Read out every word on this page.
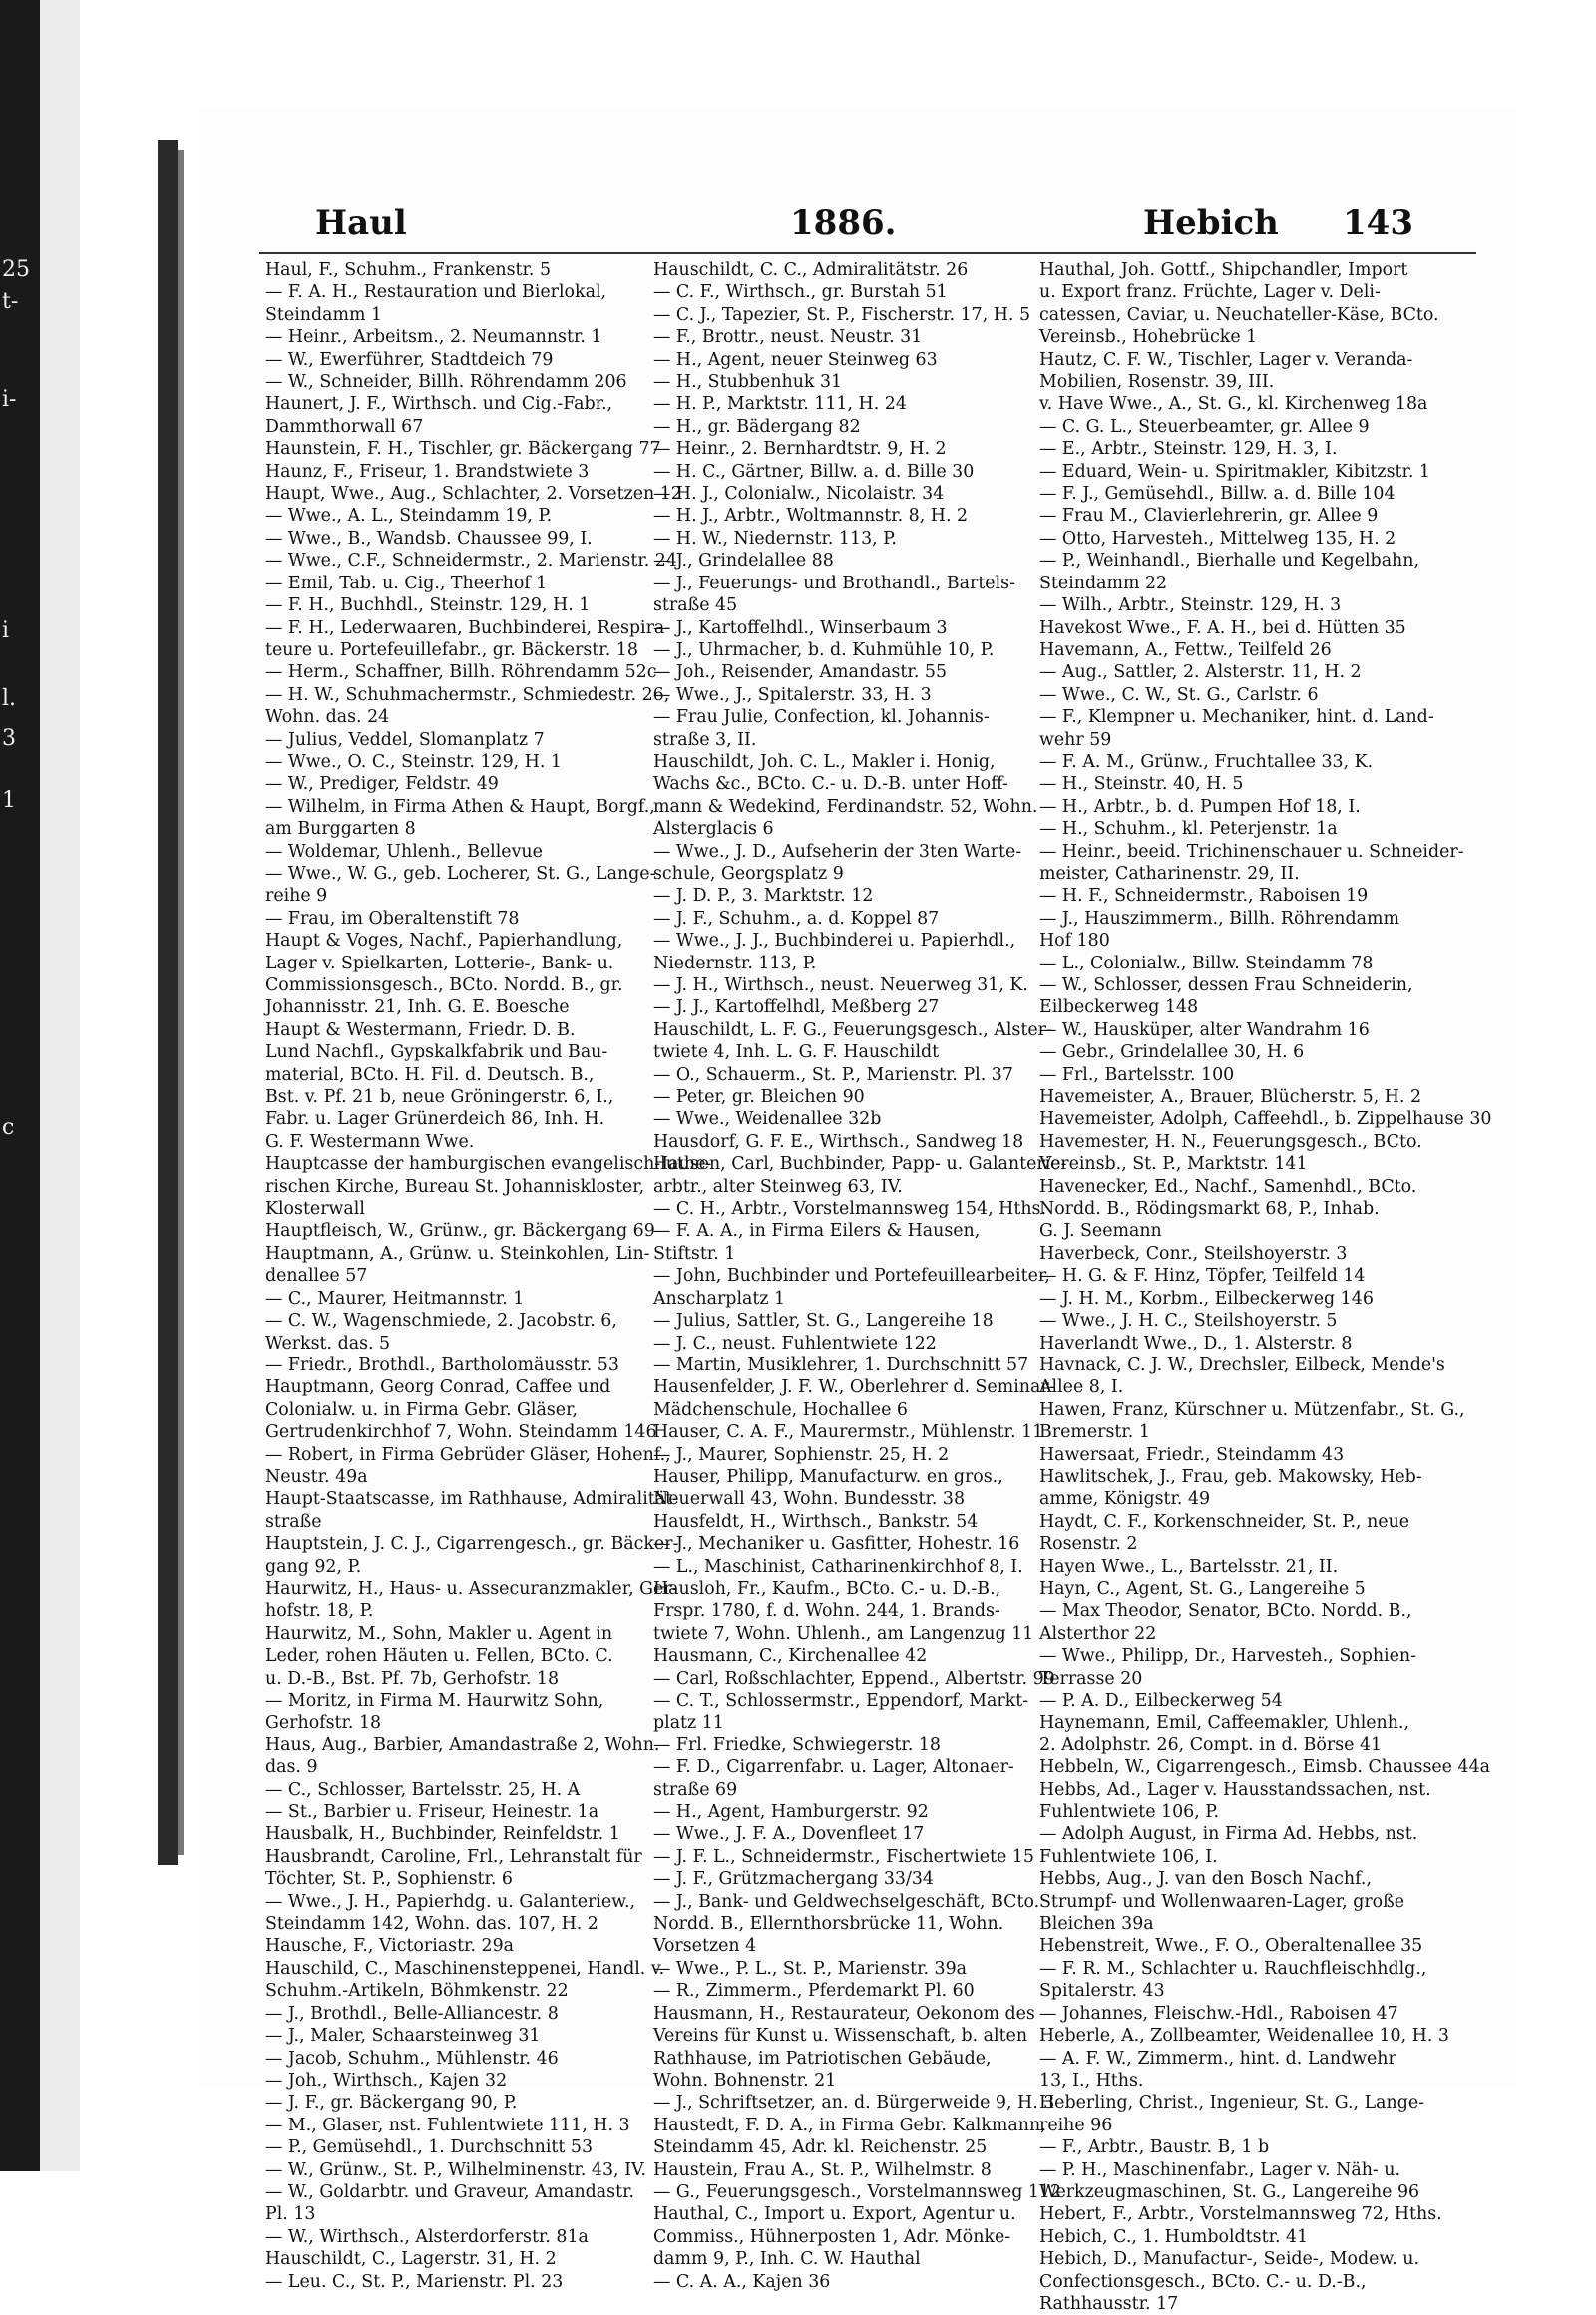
25
t-
i-
i
l.
3
1
c
Haul	1886.	Hebich 143

Haul, F., Schuhm., Frankenstr. 5

— F. A. H., Restauration und Bierlokal,

Steindamm 1

— Heinr., Arbeitsm., 2. Neumannstr. 1

— W., Ewerführer, Stadtdeich 79

— W., Schneider, Billh. Röhrendamm 206

Haunert, J. F., Wirthsch. und Cig.-Fabr.,

Dammthorwall 67

Haunstein, F. H., Tischler, gr. Bäckergang 77

Haunz, F., Friseur, 1. Brandstwiete 3

Haupt, Wwe., Aug., Schlachter, 2. Vorsetzen 12

— Wwe., A. L., Steindamm 19, P.

— Wwe., B., Wandsb. Chaussee 99, I.

— Wwe., C.F., Schneidermstr., 2. Marienstr. 24

— Emil, Tab. u. Cig., Theerhof 1

— F. H., Buchhdl., Steinstr. 129, H. 1

— F. H., Lederwaaren, Buchbinderei, Respira-

teure u. Portefeuillefabr., gr. Bäckerstr. 18

— Herm., Schaffner, Billh. Röhrendamm 52c

— H. W., Schuhmachermstr., Schmiedestr. 26,

Wohn. das. 24

— Julius, Veddel, Slomanplatz 7

— Wwe., O. C., Steinstr. 129, H. 1

— W., Prediger, Feldstr. 49

— Wilhelm, in Firma Athen & Haupt, Borgf.,

am Burggarten 8

— Woldemar, Uhlenh., Bellevue

— Wwe., W. G., geb. Locherer, St. G., Lange-

reihe 9

— Frau, im Oberaltenstift 78

Haupt & Voges, Nachf., Papierhandlung,

Lager v. Spielkarten, Lotterie-, Bank- u.

Commissionsgesch., BCto. Nordd. B., gr.

Johannisstr. 21, Inh. G. E. Boesche

Haupt & Westermann, Friedr. D. B.

Lund Nachfl., Gypskalkfabrik und Bau-

material, BCto. H. Fil. d. Deutsch. B.,

Bst. v. Pf. 21 b, neue Gröningerstr. 6, I.,

Fabr. u. Lager Grünerdeich 86, Inh. H.

G. F. Westermann Wwe.

Hauptcasse der hamburgischen evangelisch-luthe-

rischen Kirche, Bureau St. Johanniskloster,

Klosterwall

Hauptfleisch, W., Grünw., gr. Bäckergang 69

Hauptmann, A., Grünw. u. Steinkohlen, Lin-

denallee 57

— C., Maurer, Heitmannstr. 1

— C. W., Wagenschmiede, 2. Jacobstr. 6,

Werkst. das. 5

— Friedr., Brothdl., Bartholomäusstr. 53

Hauptmann, Georg Conrad, Caffee und

Colonialw. u. in Firma Gebr. Gläser,

Gertrudenkirchhof 7, Wohn. Steindamm 146

— Robert, in Firma Gebrüder Gläser, Hohenf.,

Neustr. 49a

Haupt-Staatscasse, im Rathhause, Admiralität-

straße

Hauptstein, J. C. J., Cigarrengesch., gr. Bäcker-

gang 92, P.

Haurwitz, H., Haus- u. Assecuranzmakler, Ger-

hofstr. 18, P.

Haurwitz, M., Sohn, Makler u. Agent in

Leder, rohen Häuten u. Fellen, BCto. C.

u. D.-B., Bst. Pf. 7b, Gerhofstr. 18

— Moritz, in Firma M. Haurwitz Sohn,

Gerhofstr. 18

Haus, Aug., Barbier, Amandastraße 2, Wohn.

das. 9

— C., Schlosser, Bartelsstr. 25, H. A

— St., Barbier u. Friseur, Heinestr. 1a

Hausbalk, H., Buchbinder, Reinfeldstr. 1

Hausbrandt, Caroline, Frl., Lehranstalt für

Töchter, St. P., Sophienstr. 6

— Wwe., J. H., Papierhdg. u. Galanteriew.,

Steindamm 142, Wohn. das. 107, H. 2

Hausche, F., Victoriastr. 29a

Hauschild, C., Maschinensteppenei, Handl. v.

Schuhm.-Artikeln, Böhmkenstr. 22

— J., Brothdl., Belle-Alliancestr. 8

— J., Maler, Schaarsteinweg 31

— Jacob, Schuhm., Mühlenstr. 46

— Joh., Wirthsch., Kajen 32

— J. F., gr. Bäckergang 90, P.

— M., Glaser, nst. Fuhlentwiete 111, H. 3

— P., Gemüsehdl., 1. Durchschnitt 53

— W., Grünw., St. P., Wilhelminenstr. 43, IV.

— W., Goldarbtr. und Graveur, Amandastr.

Pl. 13

— W., Wirthsch., Alsterdorferstr. 81a

Hauschildt, C., Lagerstr. 31, H. 2

— Leu. C., St. P., Marienstr. Pl. 23

Hauschildt, C. C., Admiralitätstr. 26

— C. F., Wirthsch., gr. Burstah 51

— C. J., Tapezier, St. P., Fischerstr. 17, H. 5

— F., Brottr., neust. Neustr. 31

— H., Agent, neuer Steinweg 63

— H., Stubbenhuk 31

— H. P., Marktstr. 111, H. 24

— H., gr. Bädergang 82

— Heinr., 2. Bernhardtstr. 9, H. 2

— H. C., Gärtner, Billw. a. d. Bille 30

— H. J., Colonialw., Nicolaistr. 34

— H. J., Arbtr., Woltmannstr. 8, H. 2

— H. W., Niedernstr. 113, P.

— J., Grindelallee 88

— J., Feuerungs- und Brothandl., Bartels-

straße 45

— J., Kartoffelhdl., Winserbaum 3

— J., Uhrmacher, b. d. Kuhmühle 10, P.

— Joh., Reisender, Amandastr. 55

— Wwe., J., Spitalerstr. 33, H. 3

— Frau Julie, Confection, kl. Johannis-

straße 3, II.

Hauschildt, Joh. C. L., Makler i. Honig,

Wachs &c., BCto. C.- u. D.-B. unter Hoff-

mann & Wedekind, Ferdinandstr. 52, Wohn.

Alsterglacis 6

— Wwe., J. D., Aufseherin der 3ten Warte-

schule, Georgsplatz 9

— J. D. P., 3. Marktstr. 12

— J. F., Schuhm., a. d. Koppel 87

— Wwe., J. J., Buchbinderei u. Papierhdl.,

Niedernstr. 113, P.

— J. H., Wirthsch., neust. Neuerweg 31, K.

— J. J., Kartoffelhdl, Meßberg 27

Hauschildt, L. F. G., Feuerungsgesch., Alster-

twiete 4, Inh. L. G. F. Hauschildt

— O., Schauerm., St. P., Marienstr. Pl. 37

— Peter, gr. Bleichen 90

— Wwe., Weidenallee 32b

Hausdorf, G. F. E., Wirthsch., Sandweg 18

Hausen, Carl, Buchbinder, Papp- u. Galanterie-

arbtr., alter Steinweg 63, IV.

— C. H., Arbtr., Vorstelmannsweg 154, Hths.

— F. A. A., in Firma Eilers & Hausen,

Stiftstr. 1

— John, Buchbinder und Portefeuillearbeiter,

Anscharplatz 1

— Julius, Sattler, St. G., Langereihe 18

— J. C., neust. Fuhlentwiete 122

— Martin, Musiklehrer, 1. Durchschnitt 57

Hausenfelder, J. F. W., Oberlehrer d. Seminar-

Mädchenschule, Hochallee 6

Hauser, C. A. F., Maurermstr., Mühlenstr. 11

— J., Maurer, Sophienstr. 25, H. 2

Hauser, Philipp, Manufacturw. en gros.,

Neuerwall 43, Wohn. Bundesstr. 38

Hausfeldt, H., Wirthsch., Bankstr. 54

— J., Mechaniker u. Gasfitter, Hohestr. 16

— L., Maschinist, Catharinenkirchhof 8, I.

Hausloh, Fr., Kaufm., BCto. C.- u. D.-B.,

Frspr. 1780, f. d. Wohn. 244, 1. Brands-

twiete 7, Wohn. Uhlenh., am Langenzug 11

Hausmann, C., Kirchenallee 42

— Carl, Roßschlachter, Eppend., Albertstr. 99

— C. T., Schlossermstr., Eppendorf, Markt-

platz 11

— Frl. Friedke, Schwiegerstr. 18

— F. D., Cigarrenfabr. u. Lager, Altonaer-

straße 69

— H., Agent, Hamburgerstr. 92

— Wwe., J. F. A., Dovenfleet 17

— J. F. L., Schneidermstr., Fischertwiete 15

— J. F., Grützmachergang 33/34

— J., Bank- und Geldwechselgeschäft, BCto.

Nordd. B., Ellernthorsbrücke 11, Wohn.

Vorsetzen 4

— Wwe., P. L., St. P., Marienstr. 39a

— R., Zimmerm., Pferdemarkt Pl. 60

Hausmann, H., Restaurateur, Oekonom des

Vereins für Kunst u. Wissenschaft, b. alten

Rathhause, im Patriotischen Gebäude,

Wohn. Bohnenstr. 21

— J., Schriftsetzer, an. d. Bürgerweide 9, H. 3

Haustedt, F. D. A., in Firma Gebr. Kalkmann,

Steindamm 45, Adr. kl. Reichenstr. 25

Haustein, Frau A., St. P., Wilhelmstr. 8

— G., Feuerungsgesch., Vorstelmannsweg 112

Hauthal, C., Import u. Export, Agentur u.

Commiss., Hühnerposten 1, Adr. Mönke-

damm 9, P., Inh. C. W. Hauthal

— C. A. A., Kajen 36

Hauthal, Joh. Gottf., Shipchandler, Import

u. Export franz. Früchte, Lager v. Deli-

catessen, Caviar, u. Neuchateller-Käse, BCto.

Vereinsb., Hohebrücke 1

Hautz, C. F. W., Tischler, Lager v. Veranda-

Mobilien, Rosenstr. 39, III.

v. Have Wwe., A., St. G., kl. Kirchenweg 18a

— C. G. L., Steuerbeamter, gr. Allee 9

— E., Arbtr., Steinstr. 129, H. 3, I.

— Eduard, Wein- u. Spiritmakler, Kibitzstr. 1

— F. J., Gemüsehdl., Billw. a. d. Bille 104

— Frau M., Clavierlehrerin, gr. Allee 9

— Otto, Harvesteh., Mittelweg 135, H. 2

— P., Weinhandl., Bierhalle und Kegelbahn,

Steindamm 22

— Wilh., Arbtr., Steinstr. 129, H. 3

Havekost Wwe., F. A. H., bei d. Hütten 35

Havemann, A., Fettw., Teilfeld 26

— Aug., Sattler, 2. Alsterstr. 11, H. 2

— Wwe., C. W., St. G., Carlstr. 6

— F., Klempner u. Mechaniker, hint. d. Land-

wehr 59

— F. A. M., Grünw., Fruchtallee 33, K.

— H., Steinstr. 40, H. 5

— H., Arbtr., b. d. Pumpen Hof 18, I.

— H., Schuhm., kl. Peterjenstr. 1a

— Heinr., beeid. Trichinenschauer u. Schneider-

meister, Catharinenstr. 29, II.

— H. F., Schneidermstr., Raboisen 19

— J., Hauszimmerm., Billh. Röhrendamm

Hof 180

— L., Colonialw., Billw. Steindamm 78

— W., Schlosser, dessen Frau Schneiderin,

Eilbeckerweg 148

— W., Hausküper, alter Wandrahm 16

— Gebr., Grindelallee 30, H. 6

— Frl., Bartelsstr. 100

Havemeister, A., Brauer, Blücherstr. 5, H. 2

Havemeister, Adolph, Caffeehdl., b. Zippelhause 30

Havemester, H. N., Feuerungsgesch., BCto.

Vereinsb., St. P., Marktstr. 141

Havenecker, Ed., Nachf., Samenhdl., BCto.

Nordd. B., Rödingsmarkt 68, P., Inhab.

G. J. Seemann

Haverbeck, Conr., Steilshoyerstr. 3

— H. G. & F. Hinz, Töpfer, Teilfeld 14

— J. H. M., Korbm., Eilbeckerweg 146

— Wwe., J. H. C., Steilshoyerstr. 5

Haverlandt Wwe., D., 1. Alsterstr. 8

Havnack, C. J. W., Drechsler, Eilbeck, Mende's

Allee 8, I.

Hawen, Franz, Kürschner u. Mützenfabr., St. G.,

Bremerstr. 1

Hawersaat, Friedr., Steindamm 43

Hawlitschek, J., Frau, geb. Makowsky, Heb-

amme, Königstr. 49

Haydt, C. F., Korkenschneider, St. P., neue

Rosenstr. 2

Hayen Wwe., L., Bartelsstr. 21, II.

Hayn, C., Agent, St. G., Langereihe 5

— Max Theodor, Senator, BCto. Nordd. B.,

Alsterthor 22

— Wwe., Philipp, Dr., Harvesteh., Sophien-

Terrasse 20

— P. A. D., Eilbeckerweg 54

Haynemann, Emil, Caffeemakler, Uhlenh.,

2. Adolphstr. 26, Compt. in d. Börse 41

Hebbeln, W., Cigarrengesch., Eimsb. Chaussee 44a

Hebbs, Ad., Lager v. Hausstandssachen, nst.

Fuhlentwiete 106, P.

— Adolph August, in Firma Ad. Hebbs, nst.

Fuhlentwiete 106, I.

Hebbs, Aug., J. van den Bosch Nachf.,

Strumpf- und Wollenwaaren-Lager, große

Bleichen 39a

Hebenstreit, Wwe., F. O., Oberaltenallee 35

— F. R. M., Schlachter u. Rauchfleischhdlg.,

Spitalerstr. 43

— Johannes, Fleischw.-Hdl., Raboisen 47

Heberle, A., Zollbeamter, Weidenallee 10, H. 3

— A. F. W., Zimmerm., hint. d. Landwehr

13, I., Hths.

Heberling, Christ., Ingenieur, St. G., Lange-

reihe 96

— F., Arbtr., Baustr. B, 1 b

— P. H., Maschinenfabr., Lager v. Näh- u.

Werkzeugmaschinen, St. G., Langereihe 96

Hebert, F., Arbtr., Vorstelmannsweg 72, Hths.

Hebich, C., 1. Humboldtstr. 41

Hebich, D., Manufactur-, Seide-, Modew. u.

Confectionsgesch., BCto. C.- u. D.-B.,

Rathhausstr. 17
